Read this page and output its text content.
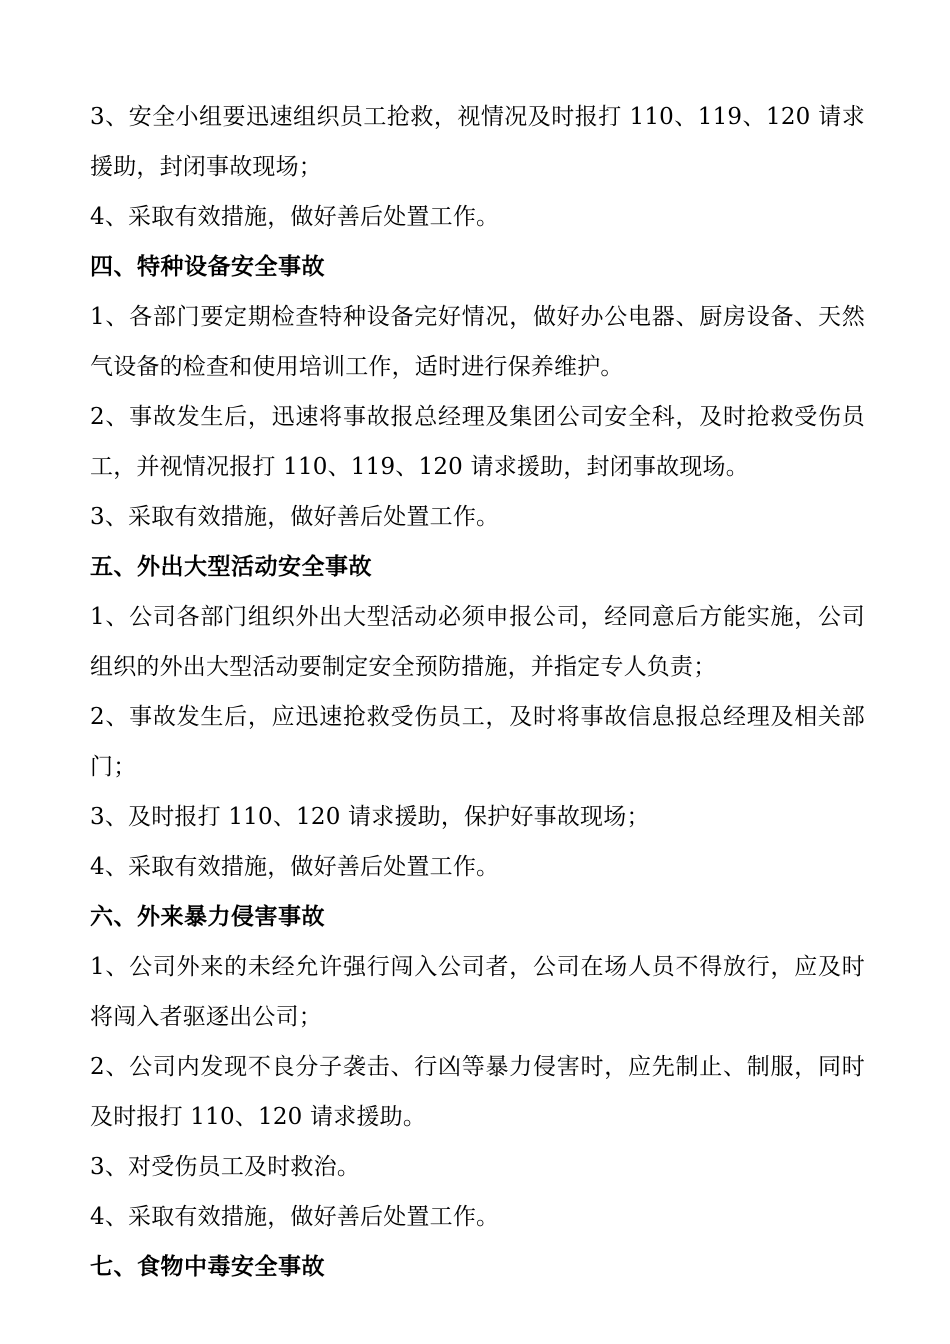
3、安全小组要迅速组织员工抢救，视情况及时报打 110、119、120 请求援助，封闭事故现场；

4、采取有效措施，做好善后处置工作。

四、特种设备安全事故

1、各部门要定期检查特种设备完好情况，做好办公电器、厨房设备、天然气设备的检查和使用培训工作，适时进行保养维护。

2、事故发生后，迅速将事故报总经理及集团公司安全科，及时抢救受伤员工，并视情况报打 110、119、120 请求援助，封闭事故现场。

3、采取有效措施，做好善后处置工作。

五、外出大型活动安全事故

1、公司各部门组织外出大型活动必须申报公司，经同意后方能实施，公司组织的外出大型活动要制定安全预防措施，并指定专人负责；

2、事故发生后，应迅速抢救受伤员工，及时将事故信息报总经理及相关部门；

3、及时报打 110、120 请求援助，保护好事故现场；

4、采取有效措施，做好善后处置工作。

六、外来暴力侵害事故

1、公司外来的未经允许强行闯入公司者，公司在场人员不得放行，应及时将闯入者驱逐出公司；

2、公司内发现不良分子袭击、行凶等暴力侵害时，应先制止、制服，同时及时报打 110、120 请求援助。

3、对受伤员工及时救治。

4、采取有效措施，做好善后处置工作。

七、食物中毒安全事故
